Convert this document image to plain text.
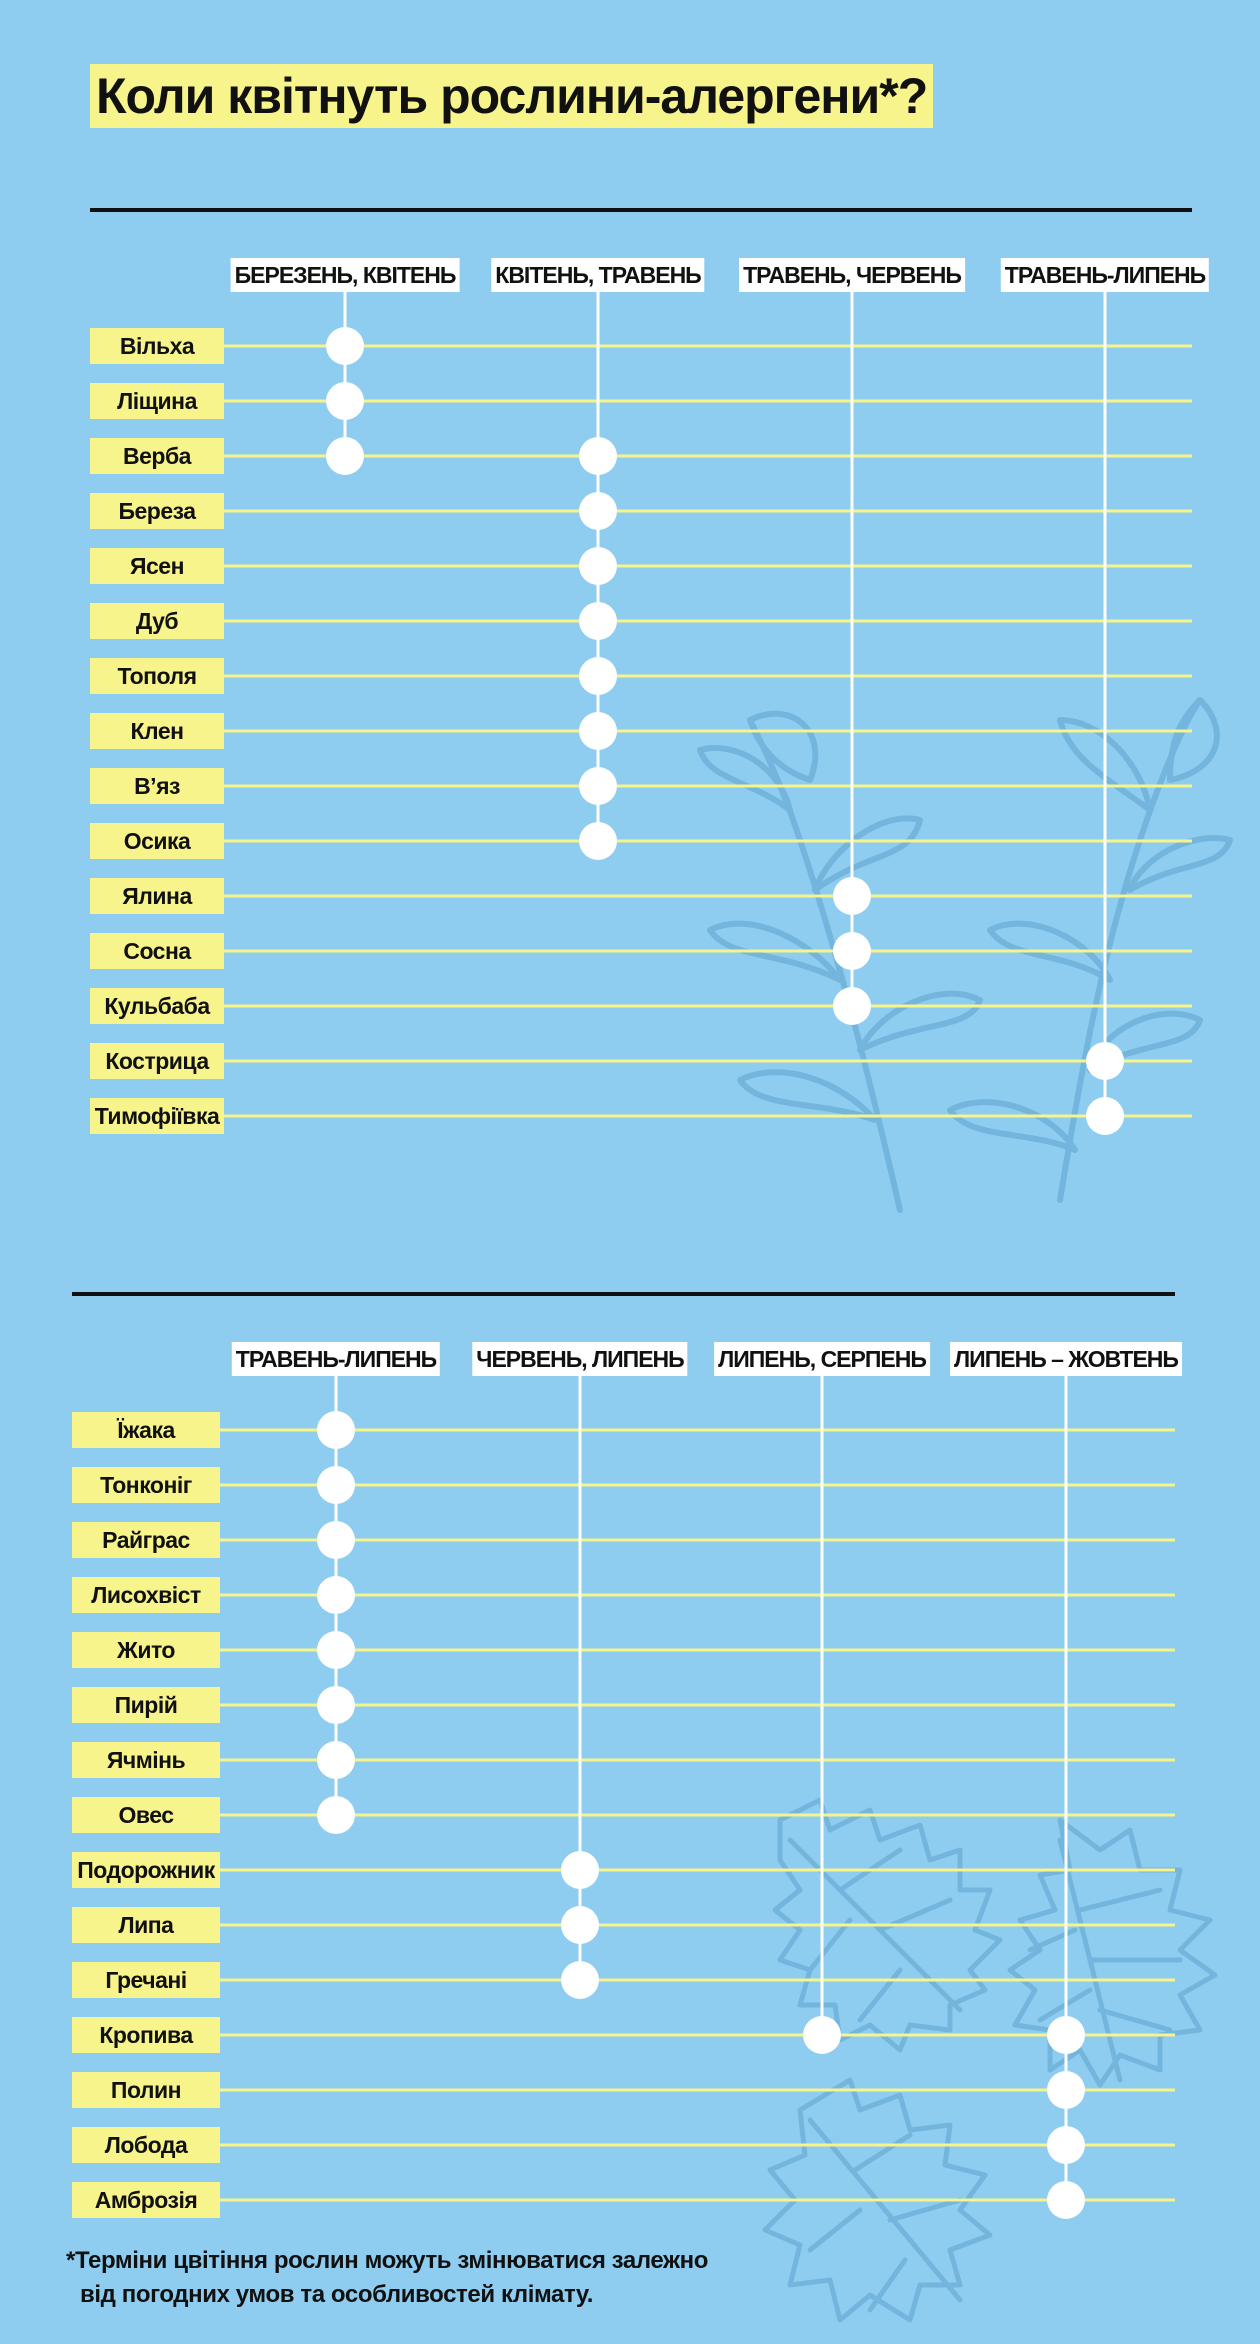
Коли квітнуть рослини-алергени*?
БЕРЕЗЕНЬ, КВІТЕНЬ КВІТЕНЬ, ТРАВЕНЬ ТРАВЕНЬ, ЧЕРВЕНЬ ТРАВЕНЬ-ЛИПЕНЬ
Вільха
Ліщина
Верба
Береза
Ясен
Дуб
Тополя
Клен
В’яз
Осика
Ялина
Сосна
Кульбаба
Кострица
Тимофіївка
ТРАВЕНЬ-ЛИПЕНЬ ЧЕРВЕНЬ, ЛИПЕНЬ ЛИПЕНЬ, СЕРПЕНЬ ЛИПЕНЬ – ЖОВТЕНЬ
Їжака
Тонконіг
Райграс
Лисохвіст
Жито
Пирій
Ячмінь
Овес
Подорожник
Липа
Гречані
Кропива
Полин
Лобода
Амброзія
*Терміни цвітіння рослин можуть змінюватися залежно
від погодних умов та особливостей клімату.
